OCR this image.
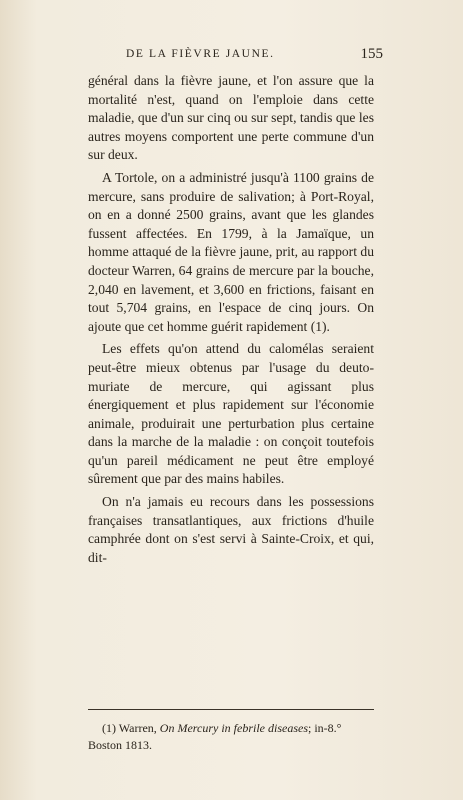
DE LA FIÈVRE JAUNE.	155

général dans la fièvre jaune, et l'on assure que la mortalité n'est, quand on l'emploie dans cette maladie, que d'un sur cinq ou sur sept, tandis que les autres moyens comportent une perte commune d'un sur deux.

A Tortole, on a administré jusqu'à 1100 grains de mercure, sans produire de salivation; à Port-Royal, on en a donné 2500 grains, avant que les glandes fussent affectées. En 1799, à la Jamaïque, un homme attaqué de la fièvre jaune, prit, au rapport du docteur Warren, 64 grains de mercure par la bouche, 2,040 en lavement, et 3,600 en frictions, faisant en tout 5,704 grains, en l'espace de cinq jours. On ajoute que cet homme guérit rapidement (1).

Les effets qu'on attend du calomélas seraient peut-être mieux obtenus par l'usage du deuto-muriate de mercure, qui agissant plus énergiquement et plus rapidement sur l'économie animale, produirait une perturbation plus certaine dans la marche de la maladie : on conçoit toutefois qu'un pareil médicament ne peut être employé sûrement que par des mains habiles.

On n'a jamais eu recours dans les possessions françaises transatlantiques, aux frictions d'huile camphrée dont on s'est servi à Sainte-Croix, et qui, dit-

(1) Warren, On Mercury in febrile diseases; in-8.° Boston 1813.
